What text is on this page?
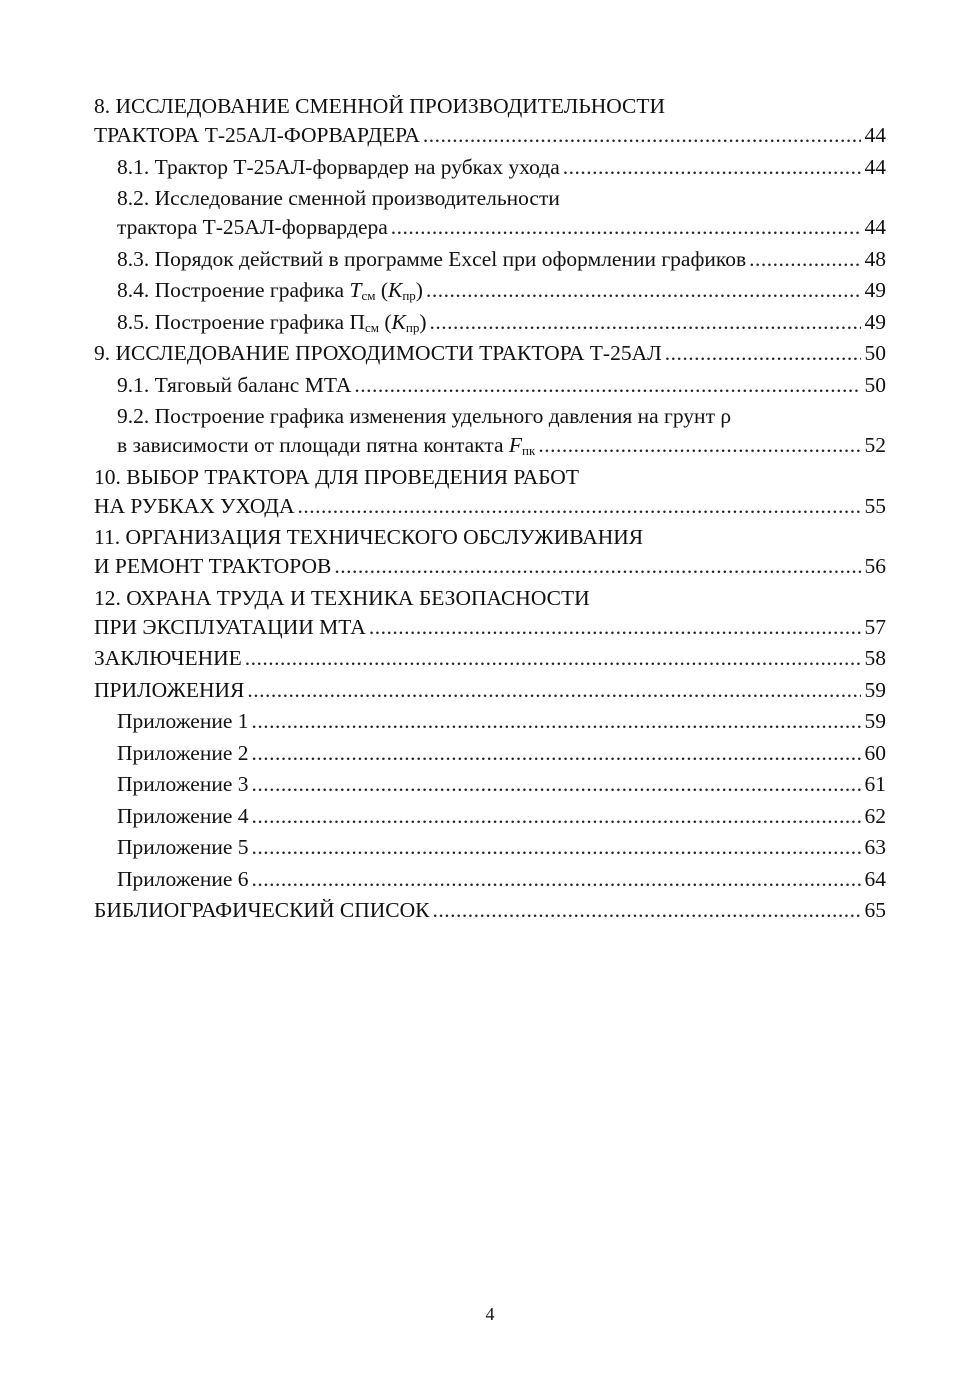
8. ИССЛЕДОВАНИЕ СМЕННОЙ ПРОИЗВОДИТЕЛЬНОСТИ
ТРАКТОРА Т-25АЛ-ФОРВАРДЕРА .....	44
8.1. Трактор Т-25АЛ-форвардер на рубках ухода .....	44
8.2. Исследование сменной производительности
трактора Т-25АЛ-форвардера .....	44
8.3. Порядок действий в программе Excel при оформлении графиков .....	48
8.4. Построение графика $T_{см}$ $(K_{пр})$ .....	49
8.5. Построение графика $П_{см}$ $(K_{пр})$ .....	49
9. ИССЛЕДОВАНИЕ ПРОХОДИМОСТИ ТРАКТОРА Т-25АЛ .....	50
9.1. Тяговый баланс МТА .....	50
9.2. Построение графика изменения удельного давления на грунт ρ
в зависимости от площади пятна контакта $F_{пк}$ .....	52
10. ВЫБОР ТРАКТОРА ДЛЯ ПРОВЕДЕНИЯ РАБОТ
НА РУБКАХ УХОДА .....	55
11. ОРГАНИЗАЦИЯ ТЕХНИЧЕСКОГО ОБСЛУЖИВАНИЯ
И РЕМОНТ ТРАКТОРОВ .....	56
12. ОХРАНА ТРУДА И ТЕХНИКА БЕЗОПАСНОСТИ
ПРИ ЭКСПЛУАТАЦИИ МТА .....	57
ЗАКЛЮЧЕНИЕ .....	58
ПРИЛОЖЕНИЯ .....	59
Приложение 1 .....	59
Приложение 2 .....	60
Приложение 3 .....	61
Приложение 4 .....	62
Приложение 5 .....	63
Приложение 6 .....	64
БИБЛИОГРАФИЧЕСКИЙ СПИСОК .....	65
4
